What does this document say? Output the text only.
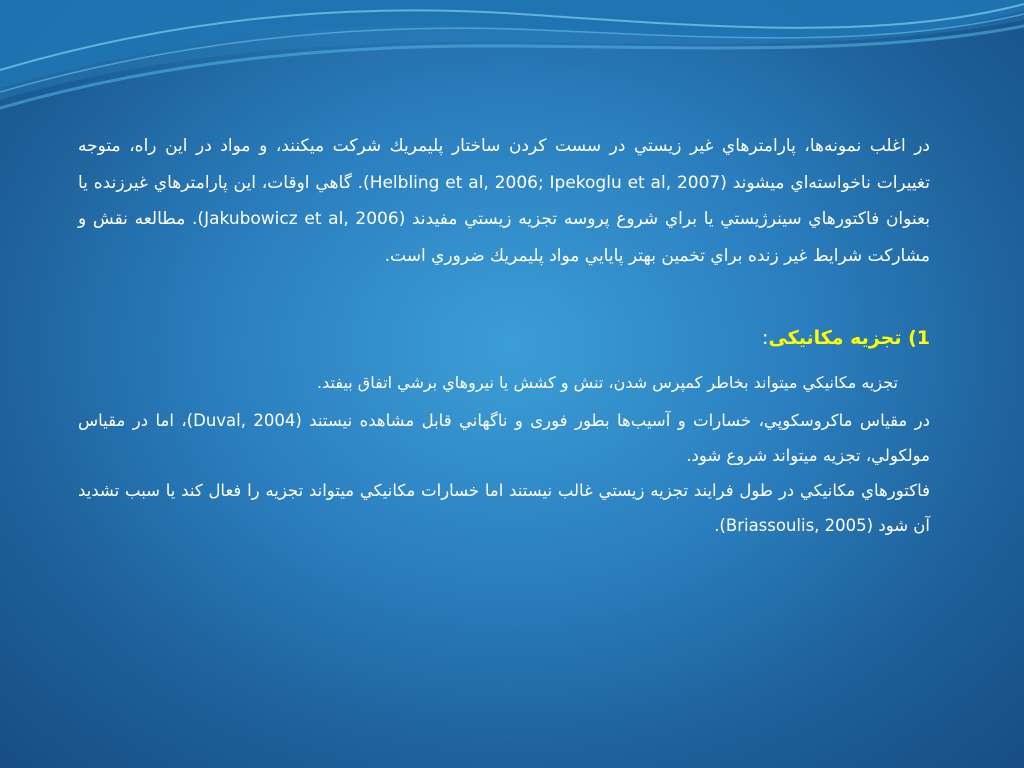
در اغلب نمونه‌ها، پارامترهاي غير زيستي در سست كردن ساختار پليمريك شركت ميكنند، و مواد در اين راه، متوجه تغييرات ناخواسته‌اي ميشوند (Helbling et al, 2006; Ipekoglu et al, 2007). گاهي اوقات، اين پارامترهاي غيرزنده يا بعنوان فاكتورهاي سينرژيستي يا براي شروع پروسه تجزيه زيستي مفيدند (Jakubowicz et al, 2006). مطالعه نقش و مشاركت شرايط غير زنده براي تخمين بهتر پايايي مواد پليمريك ضروري است.

1) تجزيه مكانيكی:

تجزيه مكانيكي ميتواند بخاطر كمپرس شدن، تنش و كشش يا نيروهاي برشي اتفاق بيفتد.

در مقياس ماكروسكوپي، خسارات و آسيب‌ها بطور فوری و ناگهاني قابل مشاهده نيستند (Duval, 2004)، اما در مقياس مولكولي، تجزيه ميتواند شروع شود.

فاكتورهاي مكانيكي در طول فرايند تجزيه زيستي غالب نيستند اما خسارات مكانيكي ميتواند تجزيه را فعال كند يا سبب تشديد آن شود (Briassoulis, 2005).
